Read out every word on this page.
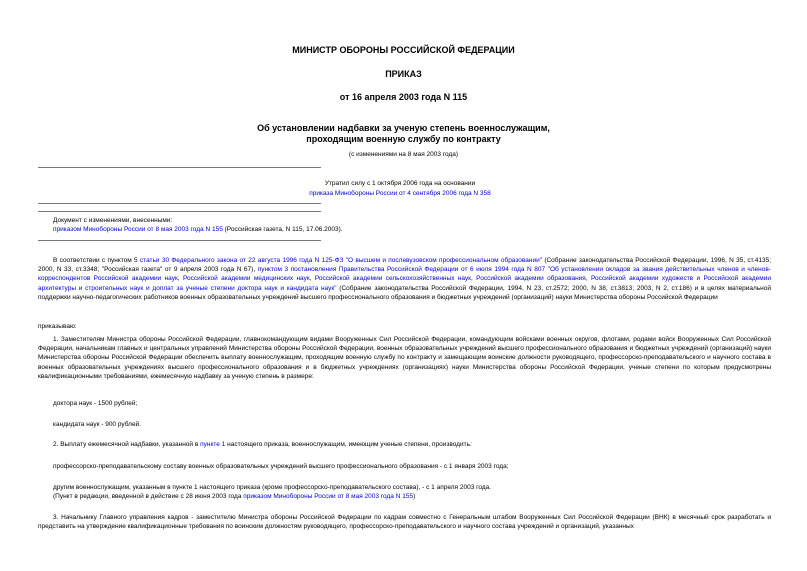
МИНИСТР ОБОРОНЫ РОССИЙСКОЙ ФЕДЕРАЦИИ
ПРИКАЗ
от 16 апреля 2003 года N 115
Об установлении надбавки за ученую степень военнослужащим,
проходящим военную службу по контракту
(с изменениями на 8 мая 2003 года)
Утратил силу с 1 октября 2006 года на основании
приказа Минобороны России от 4 сентября 2006 года N 358
Документ с изменениями, внесенными:
приказом Минобороны России от 8 мая 2003 года N 155 (Российская газета, N 115, 17.06.2003).
В соответствии с пунктом 5 статьи 30 Федерального закона от 22 августа 1996 года N 125-ФЗ "О высшем и послевузовском профессиональном образовании" (Собрание законодательства Российской Федерации, 1996, N 35, ст.4135; 2000, N 33, ст.3348; "Российская газета" от 9 апреля 2003 года N 67), пунктом 3 постановления Правительства Российской Федерации от 6 июля 1994 года N 807 "Об установлении окладов за звания действительных членов и членов-корреспондентов Российской академии наук, Российской академии медицинских наук, Российской академии сельскохозяйственных наук, Российской академии образования, Российской академии художеств и Российской академии архитектуры и строительных наук и доплат за ученые степени доктора наук и кандидата наук" (Собрание законодательства Российской Федерации, 1994, N 23, ст.2572; 2000, N 38, ст.3813; 2003, N 2, ст.186) и в целях материальной поддержки научно-педагогических работников военных образовательных учреждений высшего профессионального образования и бюджетных учреждений (организаций) науки Министерства обороны Российской Федерации
приказываю:
1. Заместителям Министра обороны Российской Федерации, главнокомандующим видами Вооруженных Сил Российской Федерации, командующим войсками военных округов, флотами, родами войск Вооруженных Сил Российской Федерации, начальникам главных и центральных управлений Министерства обороны Российской Федерации, военных образовательных учреждений высшего профессионального образования и бюджетных учреждений (организаций) науки Министерства обороны Российской Федерации обеспечить выплату военнослужащим, проходящим военную службу по контракту и замещающим воинские должности руководящего, профессорско-преподавательского и научного состава в военных образовательных учреждениях высшего профессионального образования и в бюджетных учреждениях (организациях) науки Министерства обороны Российской Федерации, ученые степени по которым предусмотрены квалификационными требованиями, ежемесячную надбавку за ученую степень в размере:
доктора наук - 1500 рублей;
кандидата наук - 900 рублей.
2. Выплату ежемесячной надбавки, указанной в пункте 1 настоящего приказа, военнослужащим, имеющим ученые степени, производить:
профессорско-преподавательскому составу военных образовательных учреждений высшего профессионального образования - с 1 января 2003 года;
другим военнослужащим, указанным в пункте 1 настоящего приказа (кроме профессорско-преподавательского состава), - с 1 апреля 2003 года.
(Пункт в редакции, введенной в действие с 28 июня 2003 года приказом Минобороны России от 8 мая 2003 года N 155)
3. Начальнику Главного управления кадров - заместителю Министра обороны Российской Федерации по кадрам совместно с Генеральным штабом Вооруженных Сил Российской Федерации (ВНК) в месячный срок разработать и представить на утверждение квалификационные требования по воинским должностям руководящего, профессорско-преподавательского и научного состава учреждений и организаций, указанных
